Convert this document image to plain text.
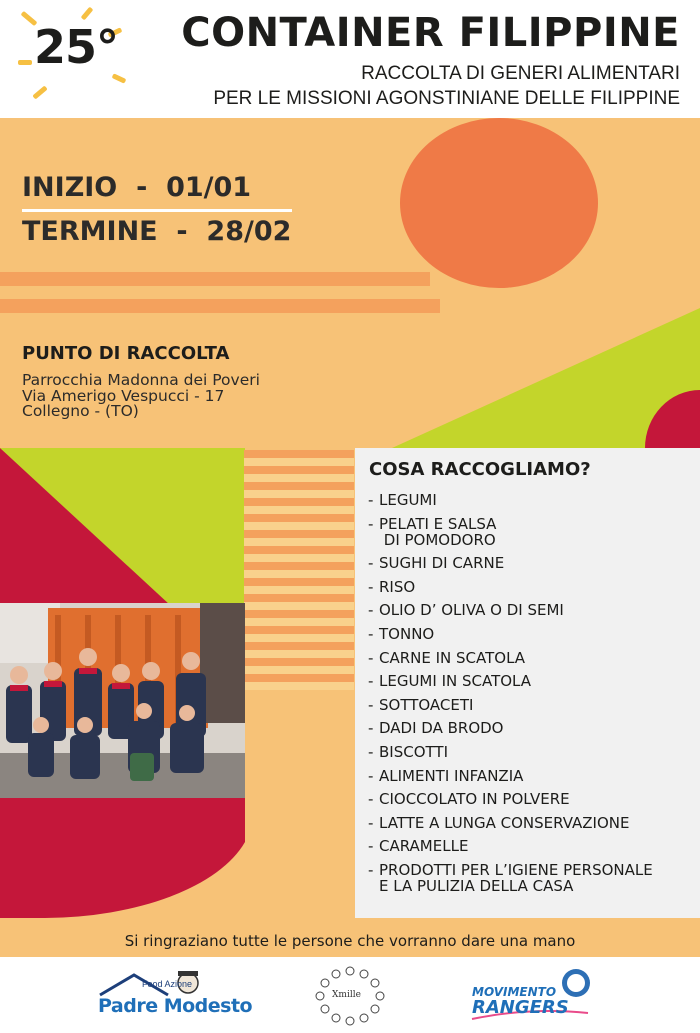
25° CONTAINER FILIPPINE
RACCOLTA DI GENERI ALIMENTARI
PER LE MISSIONI AGONSTINIANE DELLE FILIPPINE
INIZIO  -  01/01
TERMINE  -  28/02
PUNTO DI RACCOLTA
Parrocchia Madonna dei Poveri
Via Amerigo Vespucci - 17
Collegno - (TO)
COSA RACCOGLIAMO?
- LEGUMI
- PELATI E SALSA
DI POMODORO
- SUGHI DI CARNE
- RISO
- OLIO D’ OLIVA O DI SEMI
- TONNO
- CARNE IN SCATOLA
- LEGUMI IN SCATOLA
- SOTTOACETI
- DADI DA BRODO
- BISCOTTI
- ALIMENTI INFANZIA
- CIOCCOLATO IN POLVERE
- LATTE A LUNGA CONSERVAZIONE
- CARAMELLE
- PRODOTTI PER L’IGIENE PERSONALE
E LA PULIZIA DELLA CASA
Si ringraziano tutte le persone che vorranno dare una mano
Food Azione
Padre Modesto	Xmille	MOVIMENTO
RANGERS
